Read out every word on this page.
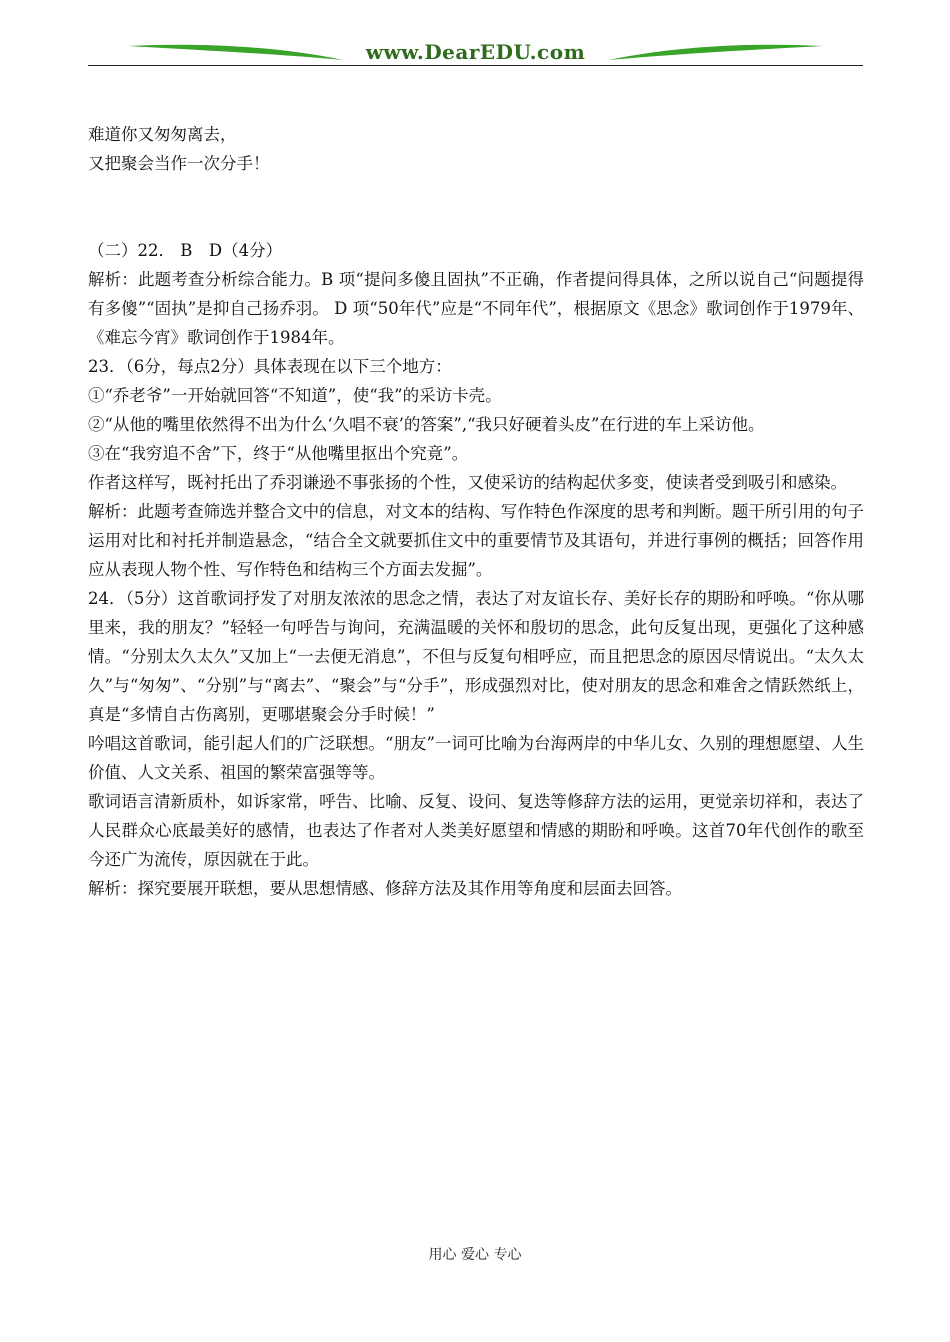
www.DearEDU.com

难道你又匆匆离去，

又把聚会当作一次分手！

（二）22． B　D（4分）

解析：此题考查分析综合能力。B 项“提问多傻且固执”不正确，作者提问得具体，之所以说自己“问题提得有多傻”“固执”是抑自己扬乔羽。 D 项“50年代”应是“不同年代”，根据原文《思念》歌词创作于1979年、《难忘今宵》歌词创作于1984年。

23．（6分，每点2分）具体表现在以下三个地方：

①“乔老爷”一开始就回答“不知道”，使“我”的采访卡壳。

②“从他的嘴里依然得不出为什么‘久唱不衰’的答案”,“我只好硬着头皮”在行进的车上采访他。

③在“我穷追不舍”下，终于“从他嘴里抠出个究竟”。

作者这样写，既衬托出了乔羽谦逊不事张扬的个性，又使采访的结构起伏多变，使读者受到吸引和感染。

解析：此题考查筛选并整合文中的信息，对文本的结构、写作特色作深度的思考和判断。题干所引用的句子运用对比和衬托并制造悬念，“结合全文就要抓住文中的重要情节及其语句，并进行事例的概括；回答作用应从表现人物个性、写作特色和结构三个方面去发掘”。

24．（5分）这首歌词抒发了对朋友浓浓的思念之情，表达了对友谊长存、美好长存的期盼和呼唤。“你从哪里来，我的朋友？”轻轻一句呼告与询问，充满温暖的关怀和殷切的思念，此句反复出现，更强化了这种感情。“分别太久太久”又加上“一去便无消息”，不但与反复句相呼应，而且把思念的原因尽情说出。“太久太久”与“匆匆”、“分别”与“离去”、“聚会”与“分手”，形成强烈对比，使对朋友的思念和难舍之情跃然纸上，真是“多情自古伤离别，更哪堪聚会分手时候！”

吟唱这首歌词，能引起人们的广泛联想。“朋友”一词可比喻为台海两岸的中华儿女、久别的理想愿望、人生价值、人文关系、祖国的繁荣富强等等。

歌词语言清新质朴，如诉家常，呼告、比喻、反复、设问、复迭等修辞方法的运用，更觉亲切祥和，表达了人民群众心底最美好的感情，也表达了作者对人类美好愿望和情感的期盼和呼唤。这首70年代创作的歌至今还广为流传，原因就在于此。

解析：探究要展开联想，要从思想情感、修辞方法及其作用等角度和层面去回答。

用心 爱心 专心
